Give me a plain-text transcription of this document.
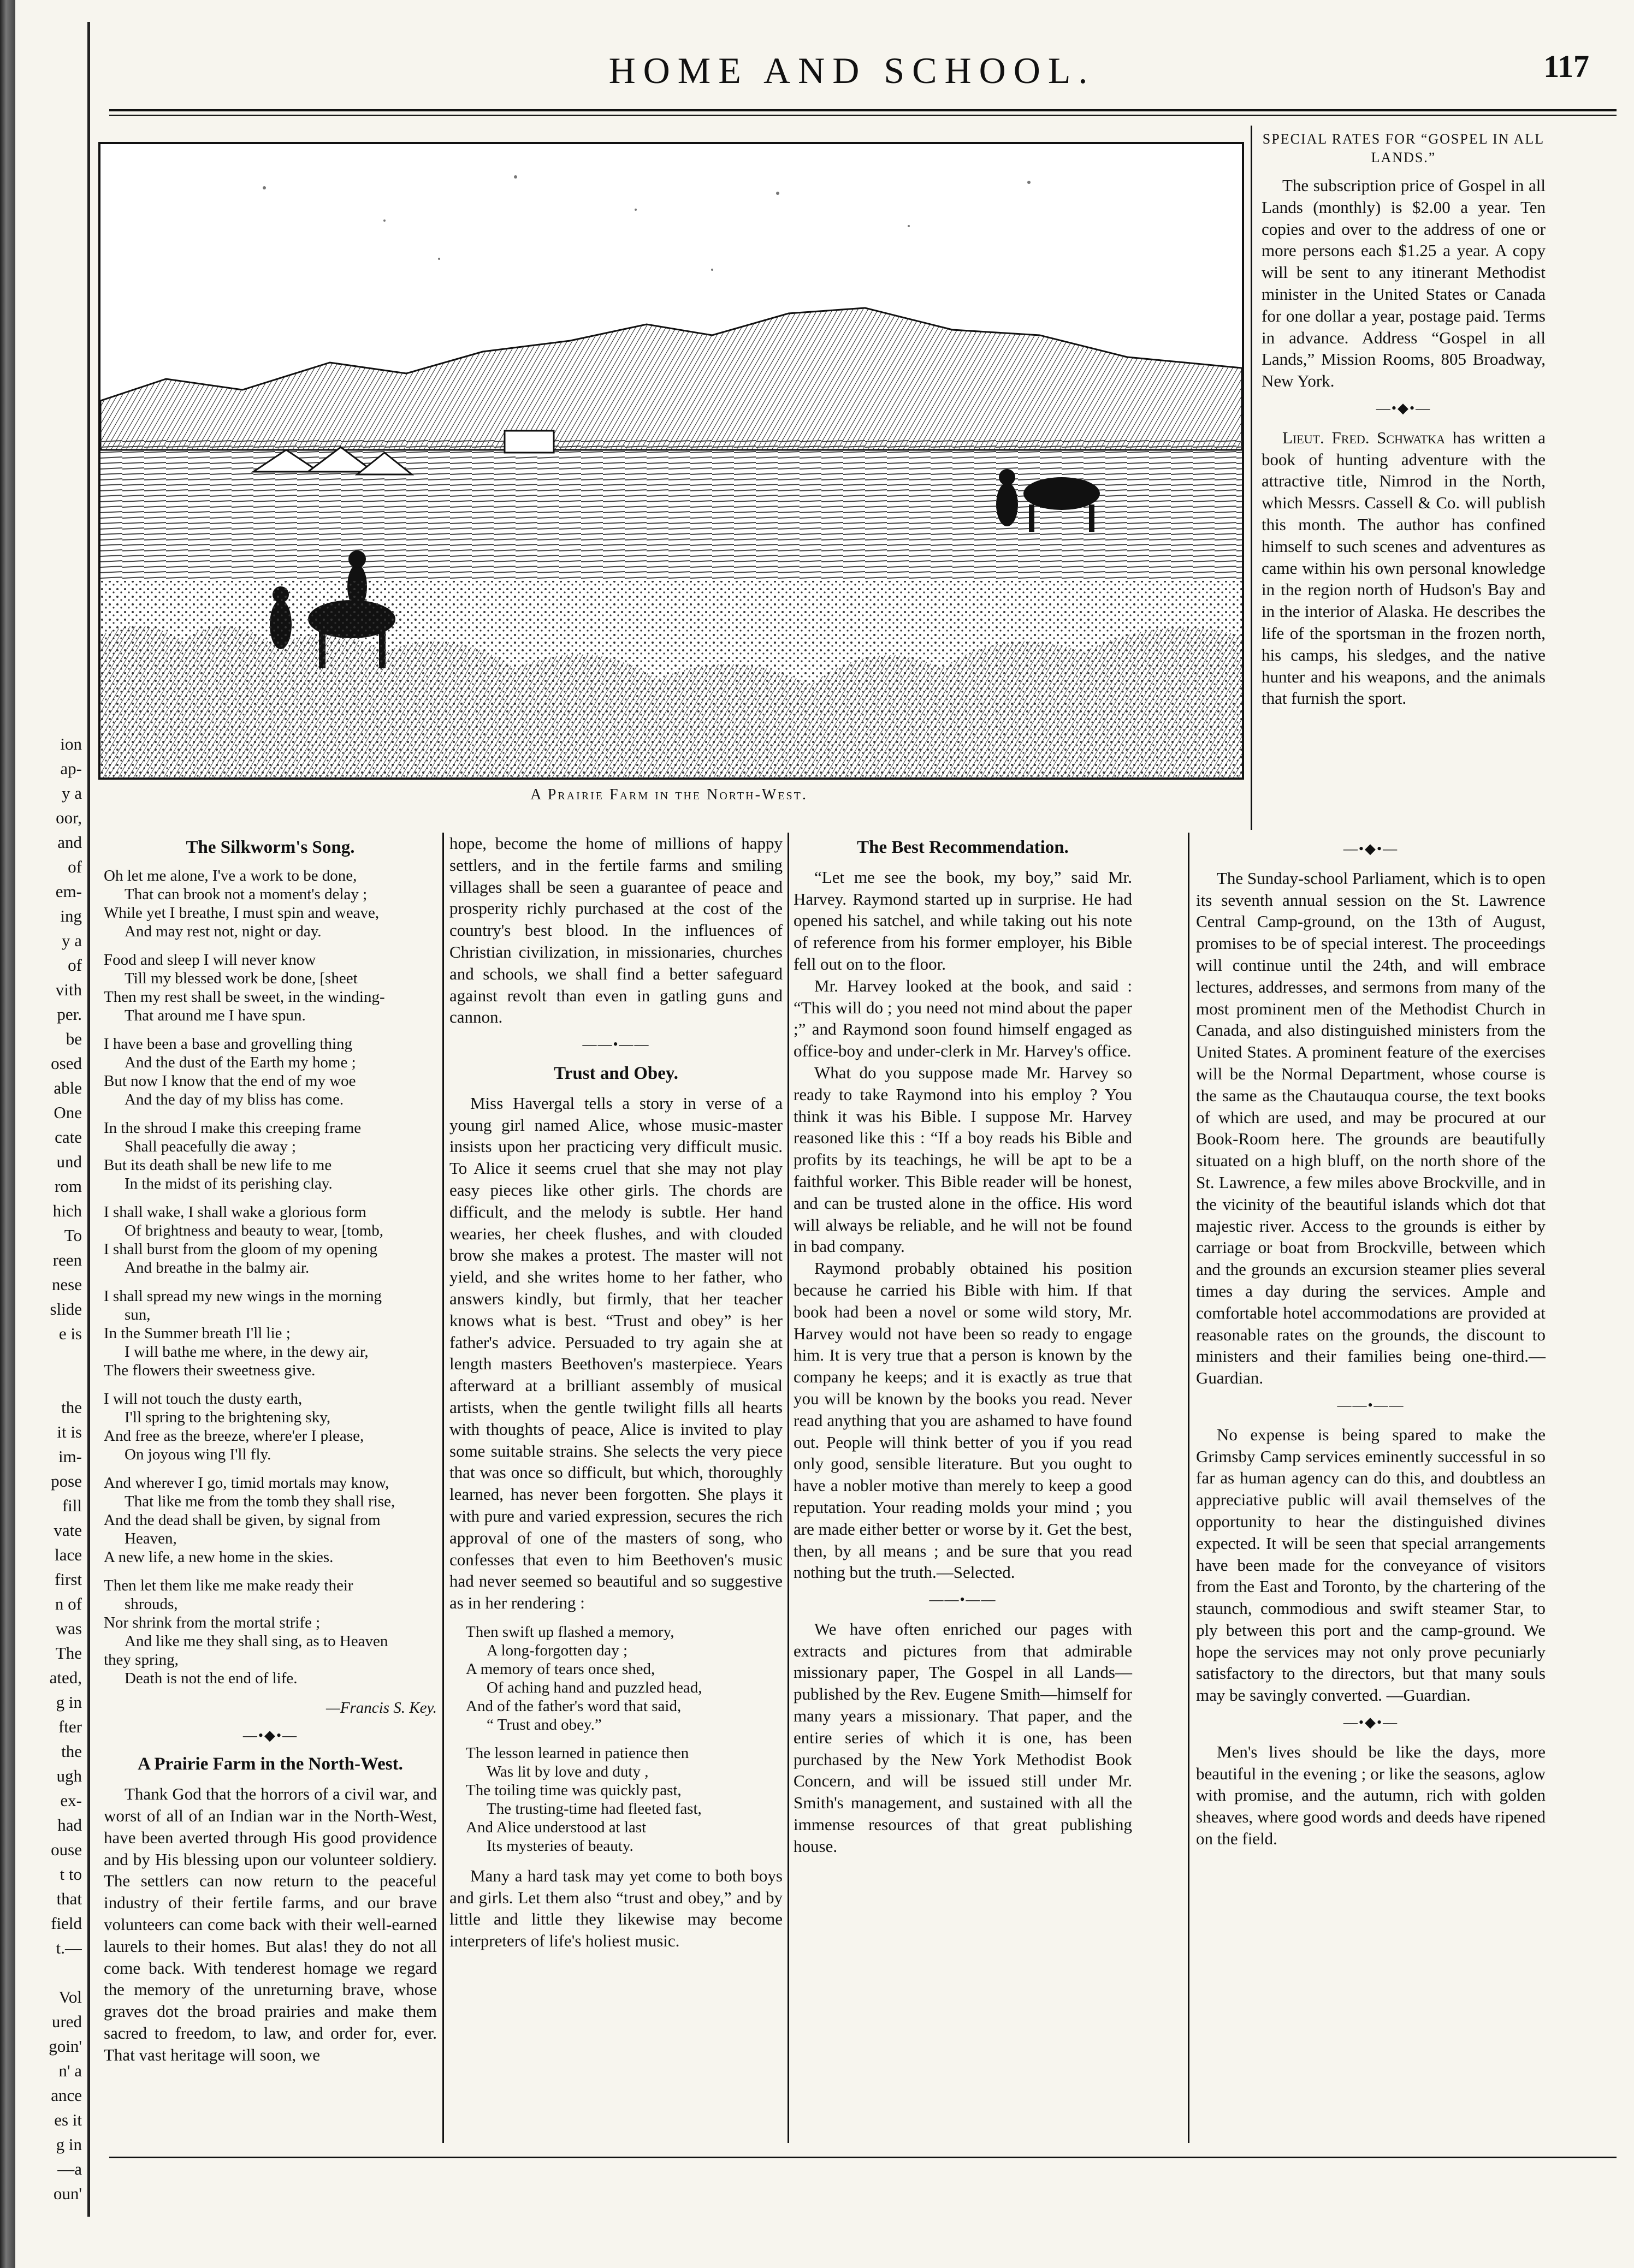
ion
ap-
y a
oor,
and
of
em-
ing
y a
of
vith
per.
be
osed
able
One
cate
und
rom
hich
To
reen
nese
slide
e is

the
it is
im-
pose
fill
vate
lace
first
n of
was
The
ated,
g in
fter
the
ugh
ex-
had
ouse
t to
that
field
t.—

Vol
ured
goin'
n' a
ance
es it
g in
—a
oun'
HOME AND SCHOOL.	117
A Prairie Farm in the North-West.
SPECIAL RATES FOR “GOSPEL IN ALL LANDS.”

The subscription price of Gospel in all Lands (monthly) is $2.00 a year. Ten copies and over to the address of one or more persons each $1.25 a year. A copy will be sent to any itinerant Methodist minister in the United States or Canada for one dollar a year, postage paid. Terms in advance. Address “Gospel in all Lands,” Mission Rooms, 805 Broadway, New York.

—•◆•—

Lieut. Fred. Schwatka has written a book of hunting adventure with the attractive title, Nimrod in the North, which Messrs. Cassell & Co. will publish this month. The author has confined himself to such scenes and adventures as came within his own personal knowledge in the region north of Hudson's Bay and in the interior of Alaska. He describes the life of the sportsman in the frozen north, his camps, his sledges, and the native hunter and his weapons, and the animals that furnish the sport.

The Silkworm's Song.
Oh let me alone, I've a work to be done,
That can brook not a moment's delay ;
While yet I breathe, I must spin and weave,
And may rest not, night or day.
Food and sleep I will never know
Till my blessed work be done, [sheet
Then my rest shall be sweet, in the winding-
That around me I have spun.
I have been a base and grovelling thing
And the dust of the Earth my home ;
But now I know that the end of my woe
And the day of my bliss has come.
In the shroud I make this creeping frame
Shall peacefully die away ;
But its death shall be new life to me
In the midst of its perishing clay.
I shall wake, I shall wake a glorious form
Of brightness and beauty to wear, [tomb,
I shall burst from the gloom of my opening
And breathe in the balmy air.
I shall spread my new wings in the morning
sun,
In the Summer breath I'll lie ;
I will bathe me where, in the dewy air,
The flowers their sweetness give.
I will not touch the dusty earth,
I'll spring to the brightening sky,
And free as the breeze, where'er I please,
On joyous wing I'll fly.
And wherever I go, timid mortals may know,
That like me from the tomb they shall rise,
And the dead shall be given, by signal from
Heaven,
A new life, a new home in the skies.
Then let them like me make ready their
shrouds,
Nor shrink from the mortal strife ;
And like me they shall sing, as to Heaven
they spring,
Death is not the end of life.
—Francis S. Key.
—•◆•—
A Prairie Farm in the North-West.

Thank God that the horrors of a civil war, and worst of all of an Indian war in the North-West, have been averted through His good providence and by His blessing upon our volunteer soldiery. The settlers can now return to the peaceful industry of their fertile farms, and our brave volunteers can come back with their well-earned laurels to their homes. But alas! they do not all come back. With tenderest homage we regard the memory of the unreturning brave, whose graves dot the broad prairies and make them sacred to freedom, to law, and order for, ever. That vast heritage will soon, we

hope, become the home of millions of happy settlers, and in the fertile farms and smiling villages shall be seen a guarantee of peace and prosperity richly purchased at the cost of the country's best blood. In the influences of Christian civilization, in missionaries, churches and schools, we shall find a better safeguard against revolt than even in gatling guns and cannon.

——•——
Trust and Obey.

Miss Havergal tells a story in verse of a young girl named Alice, whose music-master insists upon her practicing very difficult music. To Alice it seems cruel that she may not play easy pieces like other girls. The chords are difficult, and the melody is subtle. Her hand wearies, her cheek flushes, and with clouded brow she makes a protest. The master will not yield, and she writes home to her father, who answers kindly, but firmly, that her teacher knows what is best. “Trust and obey” is her father's advice. Persuaded to try again she at length masters Beethoven's masterpiece. Years afterward at a brilliant assembly of musical artists, when the gentle twilight fills all hearts with thoughts of peace, Alice is invited to play some suitable strains. She selects the very piece that was once so difficult, but which, thoroughly learned, has never been forgotten. She plays it with pure and varied expression, secures the rich approval of one of the masters of song, who confesses that even to him Beethoven's music had never seemed so beautiful and so suggestive as in her rendering :

Then swift up flashed a memory,
A long-forgotten day ;
A memory of tears once shed,
Of aching hand and puzzled head,
And of the father's word that said,
“ Trust and obey.”
The lesson learned in patience then
Was lit by love and duty ,
The toiling time was quickly past,
The trusting-time had fleeted fast,
And Alice understood at last
Its mysteries of beauty.

Many a hard task may yet come to both boys and girls. Let them also “trust and obey,” and by little and little they likewise may become interpreters of life's holiest music.

The Best Recommendation.

“Let me see the book, my boy,” said Mr. Harvey. Raymond started up in surprise. He had opened his satchel, and while taking out his note of reference from his former employer, his Bible fell out on to the floor.

Mr. Harvey looked at the book, and said : “This will do ; you need not mind about the paper ;” and Raymond soon found himself engaged as office-boy and under-clerk in Mr. Harvey's office.

What do you suppose made Mr. Harvey so ready to take Raymond into his employ ? You think it was his Bible. I suppose Mr. Harvey reasoned like this : “If a boy reads his Bible and profits by its teachings, he will be apt to be a faithful worker. This Bible reader will be honest, and can be trusted alone in the office. His word will always be reliable, and he will not be found in bad company.

Raymond probably obtained his position because he carried his Bible with him. If that book had been a novel or some wild story, Mr. Harvey would not have been so ready to engage him. It is very true that a person is known by the company he keeps; and it is exactly as true that you will be known by the books you read. Never read anything that you are ashamed to have found out. People will think better of you if you read only good, sensible literature. But you ought to have a nobler motive than merely to keep a good reputation. Your reading molds your mind ; you are made either better or worse by it. Get the best, then, by all means ; and be sure that you read nothing but the truth.—Selected.

——•——

We have often enriched our pages with extracts and pictures from that admirable missionary paper, The Gospel in all Lands—published by the Rev. Eugene Smith—himself for many years a missionary. That paper, and the entire series of which it is one, has been purchased by the New York Methodist Book Concern, and will be issued still under Mr. Smith's management, and sustained with all the immense resources of that great publishing house.

—•◆•—

The Sunday-school Parliament, which is to open its seventh annual session on the St. Lawrence Central Camp-ground, on the 13th of August, promises to be of special interest. The proceedings will continue until the 24th, and will embrace lectures, addresses, and sermons from many of the most prominent men of the Methodist Church in Canada, and also distinguished ministers from the United States. A prominent feature of the exercises will be the Normal Department, whose course is the same as the Chautauqua course, the text books of which are used, and may be procured at our Book-Room here. The grounds are beautifully situated on a high bluff, on the north shore of the St. Lawrence, a few miles above Brockville, and in the vicinity of the beautiful islands which dot that majestic river. Access to the grounds is either by carriage or boat from Brockville, between which and the grounds an excursion steamer plies several times a day during the services. Ample and comfortable hotel accommodations are provided at reasonable rates on the grounds, the discount to ministers and their families being one-third.—Guardian.

——•——

No expense is being spared to make the Grimsby Camp services eminently successful in so far as human agency can do this, and doubtless an appreciative public will avail themselves of the opportunity to hear the distinguished divines expected. It will be seen that special arrangements have been made for the conveyance of visitors from the East and Toronto, by the chartering of the staunch, commodious and swift steamer Star, to ply between this port and the camp-ground. We hope the services may not only prove pecuniarly satisfactory to the directors, but that many souls may be savingly converted. —Guardian.

—•◆•—

Men's lives should be like the days, more beautiful in the evening ; or like the seasons, aglow with promise, and the autumn, rich with golden sheaves, where good words and deeds have ripened on the field.
